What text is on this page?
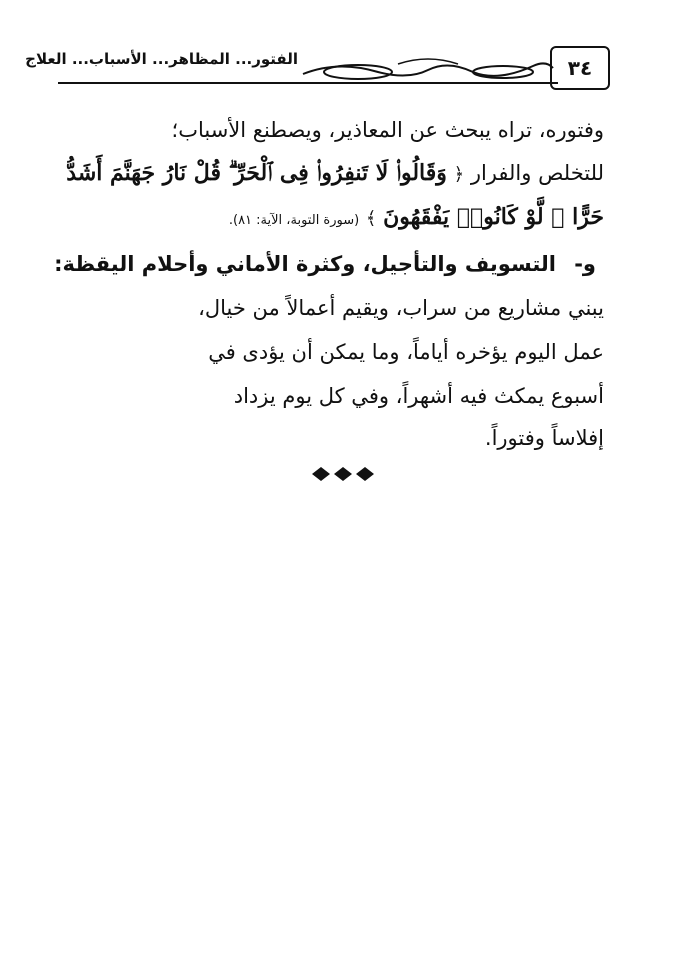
٣٤
الفتور... المظاهر... الأسباب... العلاج
وفتوره، تراه يبحث عن المعاذير، ويصطنع الأسباب؛
للتخلص والفرار ﴿ وَقَالُوا۟ لَا تَنفِرُوا۟ فِى ٱلْحَرِّ ۗ قُلْ نَارُ جَهَنَّمَ أَشَدُّ
حَرًّا ۚ لَّوْ كَانُوا۟ يَفْقَهُونَ ﴾ (سورة التوبة، الآية: ٨١).
و-
التسويف والتأجيل، وكثرة الأماني وأحلام اليقظة:
يبني مشاريع من سراب، ويقيم أعمالاً من خيال،
عمل اليوم يؤخره أياماً، وما يمكن أن يؤدى في
أسبوع يمكث فيه أشهراً، وفي كل يوم يزداد
إفلاساً وفتوراً.
